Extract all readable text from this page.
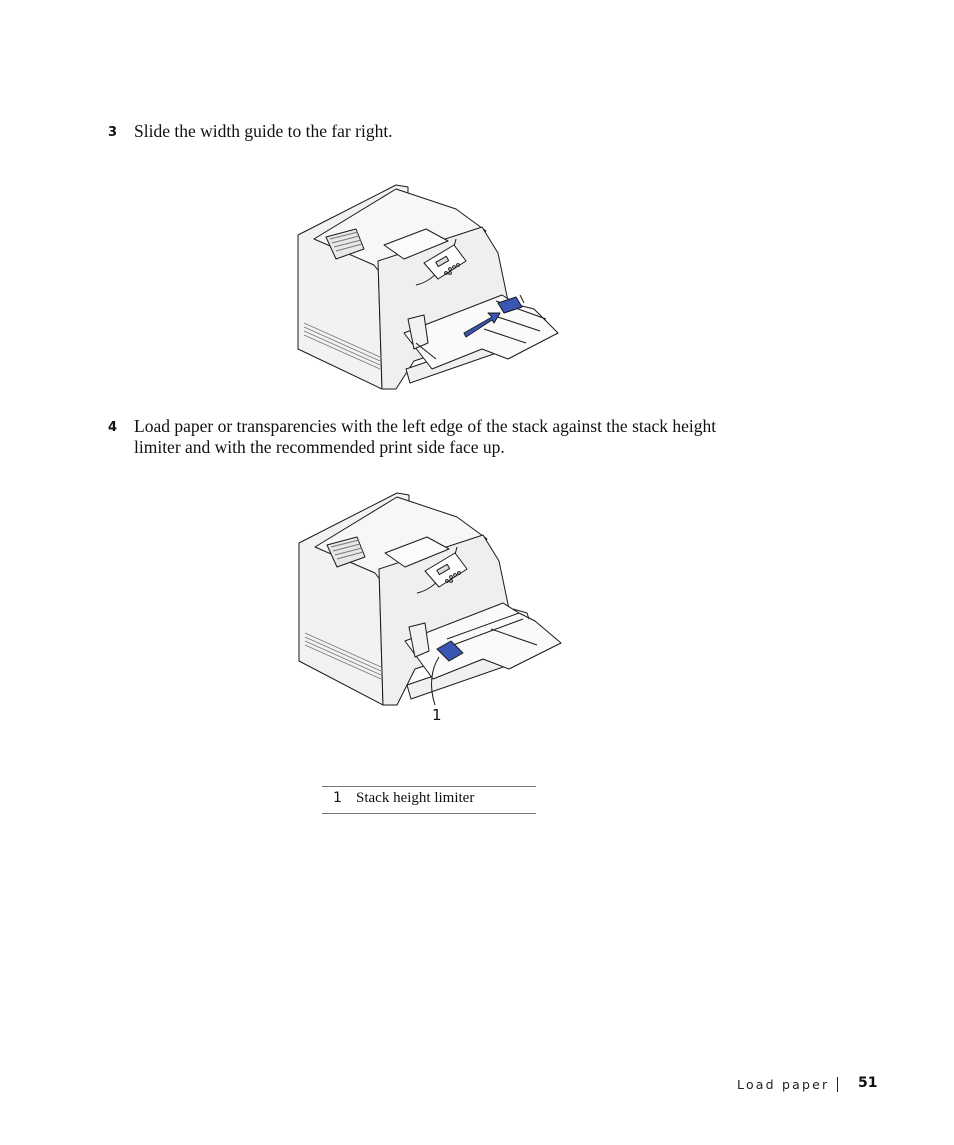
3 Slide the width guide to the far right.
4 Load paper or transparencies with the left edge of the stack against the stack height
limiter and with the recommended print side face up.
1
1 Stack height limiter
Load paper 51
